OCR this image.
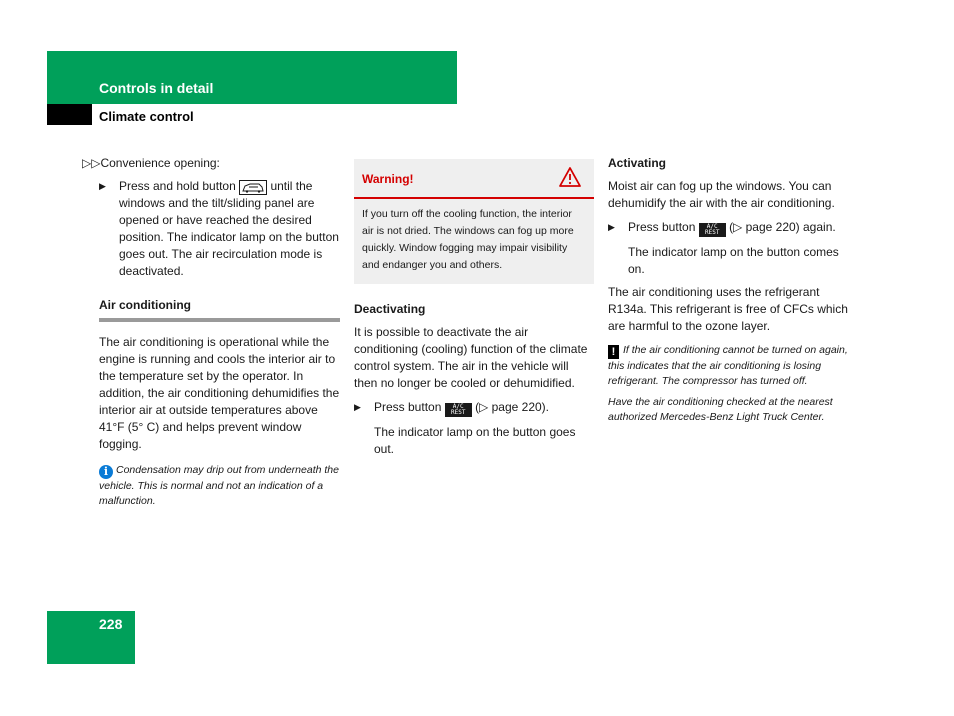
Controls in detail
Climate control
228

▷▷Convenience opening:

▶ Press and hold button	until the windows and the tilt/sliding panel are opened or have reached the desired position. The indicator lamp on the button goes out. The air recirculation mode is deactivated.
Air conditioning

The air conditioning is operational while the engine is running and cools the interior air to the temperature set by the operator. In addition, the air conditioning dehumidifies the interior air at outside temperatures above 41°F (5° C) and helps prevent window fogging.

i Condensation may drip out from underneath the vehicle. This is normal and not an indication of a malfunction.

Warning!

If you turn off the cooling function, the interior air is not dried. The windows can fog up more quickly. Window fogging may impair visibility and endanger you and others.

Deactivating

It is possible to deactivate the air conditioning (cooling) function of the climate control system. The air in the vehicle will then no longer be cooled or dehumidified.

▶ Press button A/C
REST (▷ page 220).

The indicator lamp on the button goes out.

Activating

Moist air can fog up the windows. You can dehumidify the air with the air conditioning.

▶ Press button A/C
REST (▷ page 220) again.

The indicator lamp on the button comes on.

The air conditioning uses the refrigerant R134a. This refrigerant is free of CFCs which are harmful to the ozone layer.

! If the air conditioning cannot be turned on again, this indicates that the air conditioning is losing refrigerant. The compressor has turned off.

Have the air conditioning checked at the nearest authorized Mercedes-Benz Light Truck Center.
